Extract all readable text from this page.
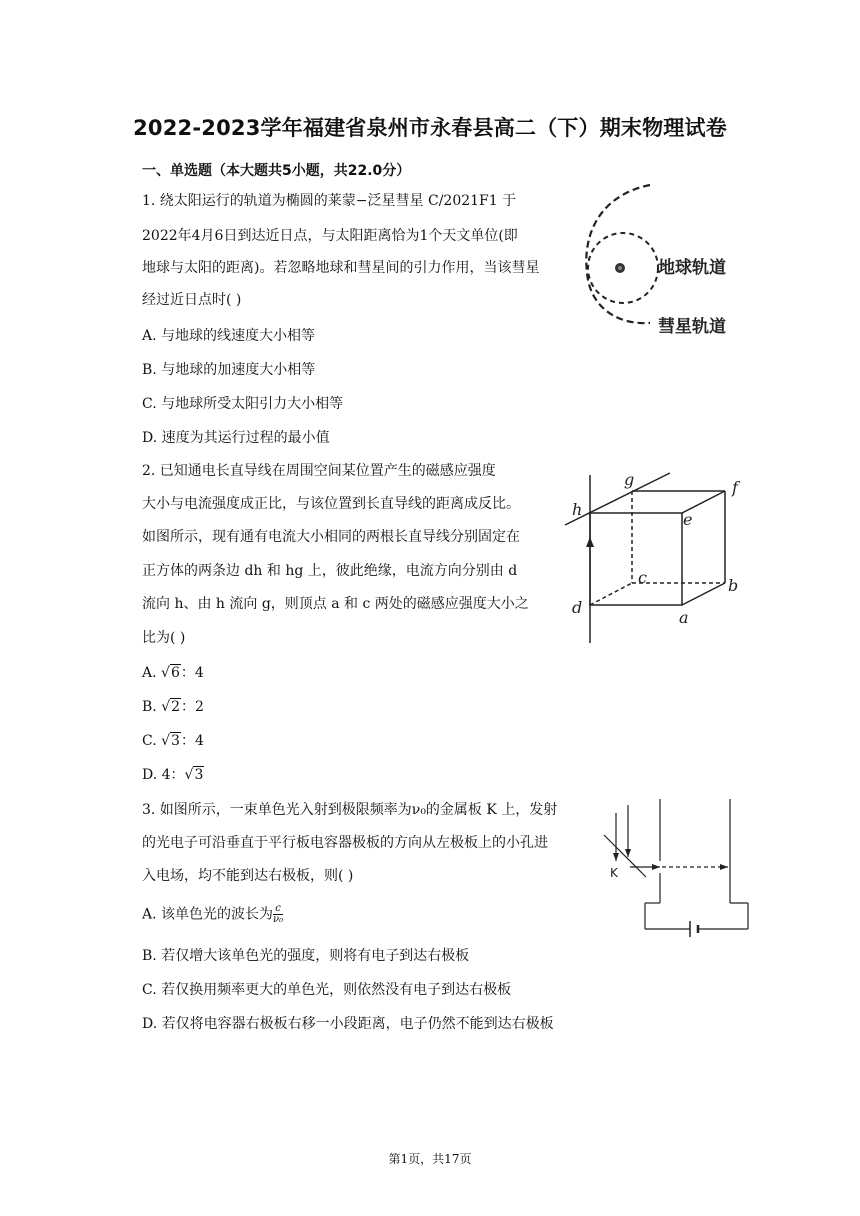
2022-2023学年福建省泉州市永春县高二（下）期末物理试卷
一、单选题（本大题共5小题，共22.0分）
1. 绕太阳运行的轨道为椭圆的莱蒙−泛星彗星 C/2021F1 于
2022年4月6日到达近日点，与太阳距离恰为1个天文单位(即
地球与太阳的距离)。若忽略地球和彗星间的引力作用，当该彗星
经过近日点时( )
A. 与地球的线速度大小相等
B. 与地球的加速度大小相等
C. 与地球所受太阳引力大小相等
D. 速度为其运行过程的最小值
地球轨道
彗星轨道
2. 已知通电长直导线在周围空间某位置产生的磁感应强度
大小与电流强度成正比，与该位置到长直导线的距离成反比。
如图所示，现有通有电流大小相同的两根长直导线分别固定在
正方体的两条边 dh 和 hg 上，彼此绝缘，电流方向分别由 d
流向 h、由 h 流向 g，则顶点 a 和 c 两处的磁感应强度大小之
比为( )
A. √6：4
B. √2：2
C. √3：4
D. 4：√3
g	f
h
e
c	b
d
a
3. 如图所示，一束单色光入射到极限频率为ν₀的金属板 K 上，发射
的光电子可沿垂直于平行板电容器极板的方向从左极板上的小孔进
入电场，均不能到达右极板，则( )
A. 该单色光的波长为 $\frac{c}{\text{ν₀}}$
B. 若仅增大该单色光的强度，则将有电子到达右极板
C. 若仅换用频率更大的单色光，则依然没有电子到达右极板
D. 若仅将电容器右极板右移一小段距离，电子仍然不能到达右极板
K
第1页，共17页
